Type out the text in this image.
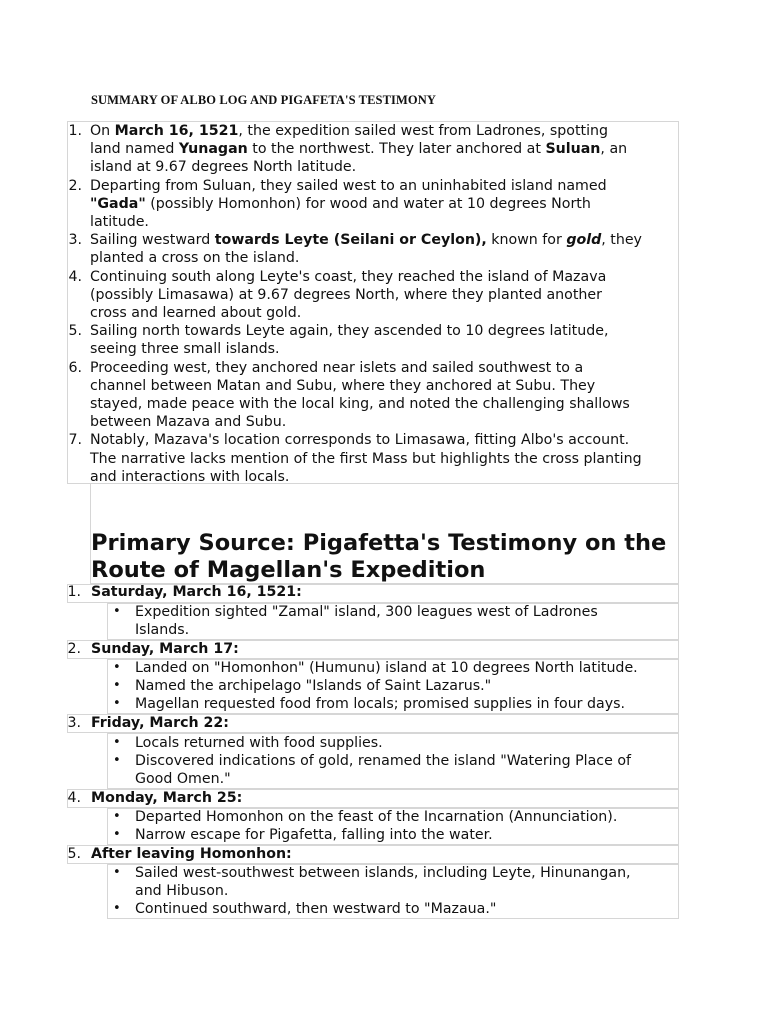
SUMMARY OF ALBO LOG AND PIGAFETA'S TESTIMONY
1. On March 16, 1521, the expedition sailed west from Ladrones, spotting
land named Yunagan to the northwest. They later anchored at Suluan, an
island at 9.67 degrees North latitude.
2. Departing from Suluan, they sailed west to an uninhabited island named
"Gada" (possibly Homonhon) for wood and water at 10 degrees North
latitude.
3. Sailing westward towards Leyte (Seilani or Ceylon), known for gold, they
planted a cross on the island.
4. Continuing south along Leyte's coast, they reached the island of Mazava
(possibly Limasawa) at 9.67 degrees North, where they planted another
cross and learned about gold.
5. Sailing north towards Leyte again, they ascended to 10 degrees latitude,
seeing three small islands.
6. Proceeding west, they anchored near islets and sailed southwest to a
channel between Matan and Subu, where they anchored at Subu. They
stayed, made peace with the local king, and noted the challenging shallows
between Mazava and Subu.
7. Notably, Mazava's location corresponds to Limasawa, fitting Albo's account.
The narrative lacks mention of the first Mass but highlights the cross planting
and interactions with locals.
Primary Source: Pigafetta's Testimony on the
Route of Magellan's Expedition
1. Saturday, March 16, 1521:
• Expedition sighted "Zamal" island, 300 leagues west of Ladrones
Islands.
2. Sunday, March 17:
• Landed on "Homonhon" (Humunu) island at 10 degrees North latitude.
• Named the archipelago "Islands of Saint Lazarus."
• Magellan requested food from locals; promised supplies in four days.
3. Friday, March 22:
• Locals returned with food supplies.
• Discovered indications of gold, renamed the island "Watering Place of
Good Omen."
4. Monday, March 25:
• Departed Homonhon on the feast of the Incarnation (Annunciation).
• Narrow escape for Pigafetta, falling into the water.
5. After leaving Homonhon:
• Sailed west-southwest between islands, including Leyte, Hinunangan,
and Hibuson.
• Continued southward, then westward to "Mazaua."
